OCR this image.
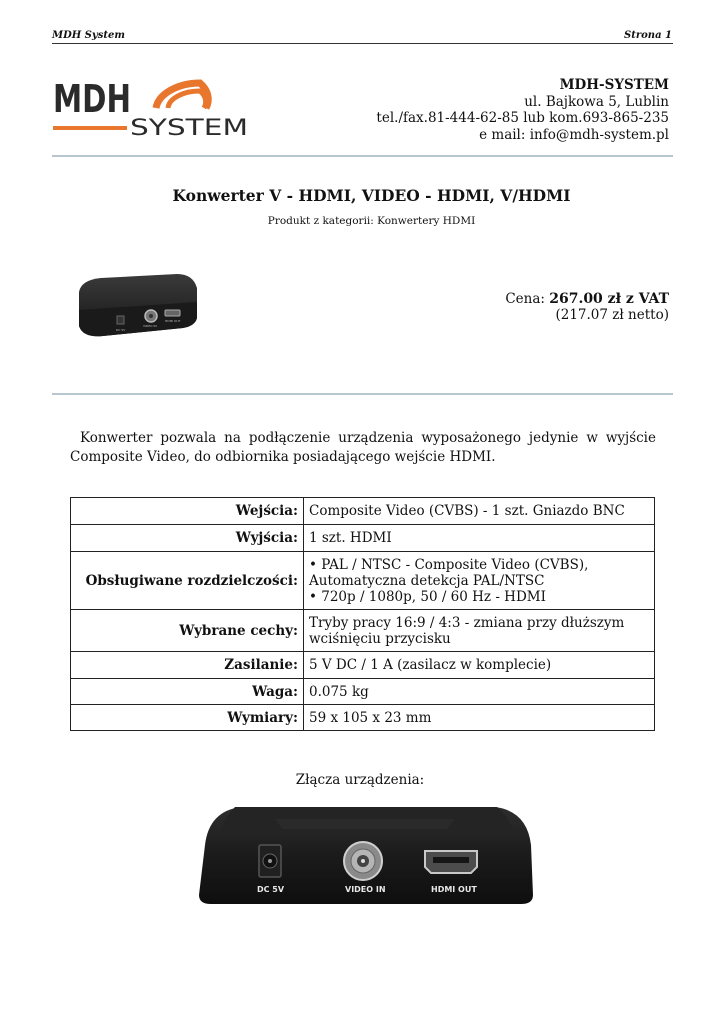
MDH System	Strona 1
MDH
SYSTEM
MDH-SYSTEM
ul. Bajkowa 5, Lublin
tel./fax.81-444-62-85 lub kom.693-865-235
e mail: info@mdh-system.pl
Konwerter V - HDMI, VIDEO - HDMI, V/HDMI
Produkt z kategorii: Konwertery HDMI
DC 5V
VIDEO IN
HDMI OUT
Cena: 267.00 zł z VAT
(217.07 zł netto)
Konwerter pozwala na podłączenie urządzenia wyposażonego jedynie w wyjście Composite Video, do odbiornika posiadającego wejście HDMI.
Wejścia:	Composite Video (CVBS) - 1 szt. Gniazdo BNC
Wyjścia:	1 szt. HDMI
Obsługiwane rozdzielczości:	• PAL / NTSC - Composite Video (CVBS),
Automatyczna detekcja PAL/NTSC
• 720p / 1080p, 50 / 60 Hz - HDMI

Wybrane cechy:	Tryby pracy 16:9 / 4:3 - zmiana przy dłuższym wciśnięciu przycisku
Zasilanie:	5 V DC / 1 A (zasilacz w komplecie)
Waga:	0.075 kg
Wymiary:	59 x 105 x 23 mm
Złącza urządzenia:
DC 5V	VIDEO IN	HDMI OUT
